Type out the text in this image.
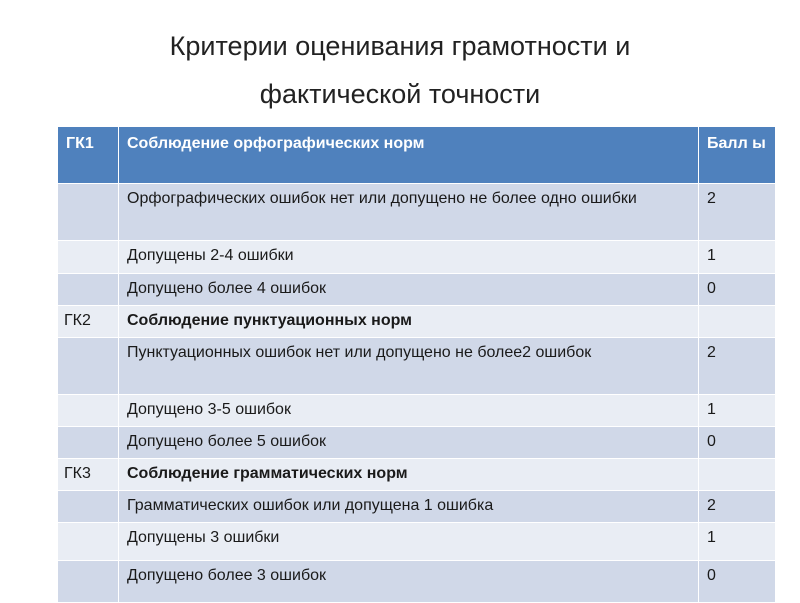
Критерии оценивания грамотности и
фактической точности
ГК1	Соблюдение орфографических норм	Балл ы
	Орфографических ошибок нет или допущено не более одно ошибки	2
	Допущены 2-4 ошибки	1
	Допущено более 4 ошибок	0
ГК2	Соблюдение пунктуационных норм	
	Пунктуационных ошибок нет или допущено не более2 ошибок	2
	Допущено 3-5 ошибок	1
	Допущено более 5 ошибок	0
ГК3	Соблюдение грамматических норм	
	Грамматических ошибок или допущена 1 ошибка	2
	Допущены 3 ошибки	1
	Допущено более 3 ошибок	0
